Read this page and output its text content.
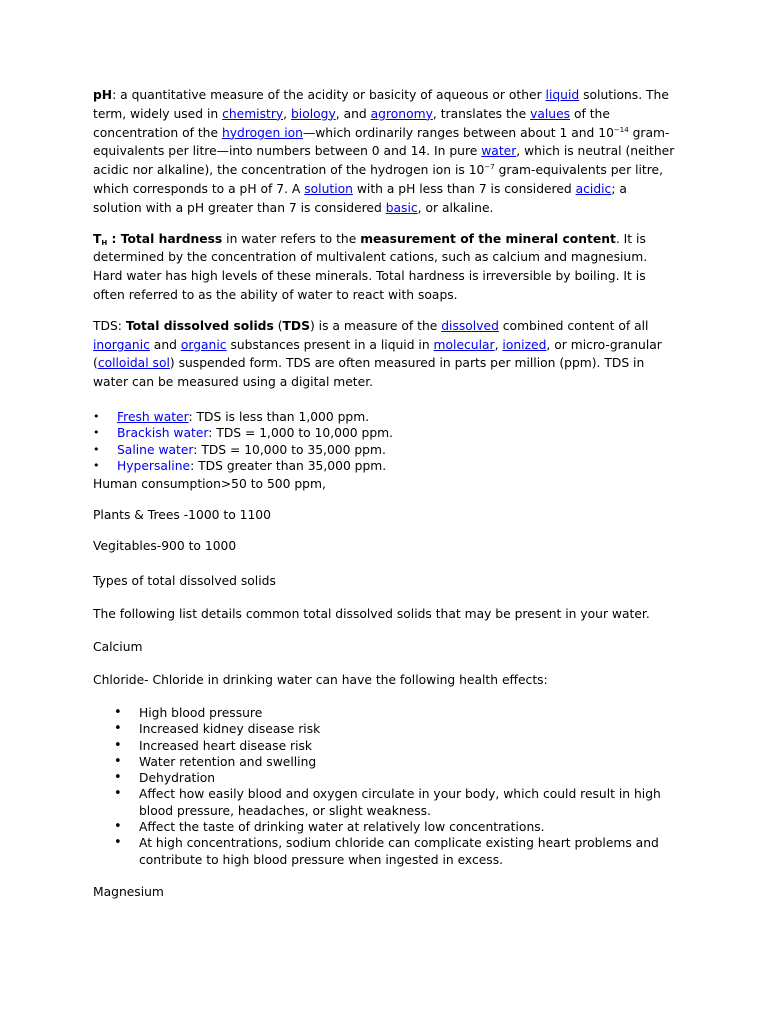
pH: a quantitative measure of the acidity or basicity of aqueous or other liquid solutions. The term, widely used in chemistry, biology, and agronomy, translates the values of the concentration of the hydrogen ion—which ordinarily ranges between about 1 and $10^{-14}$ gram-equivalents per litre—into numbers between 0 and 14. In pure water, which is neutral (neither acidic nor alkaline), the concentration of the hydrogen ion is $10^{-7}$ gram-equivalents per litre, which corresponds to a pH of 7. A solution with a pH less than 7 is considered acidic; a solution with a pH greater than 7 is considered basic, or alkaline.

$T_H$ : Total hardness in water refers to the measurement of the mineral content. It is determined by the concentration of multivalent cations, such as calcium and magnesium. Hard water has high levels of these minerals. Total hardness is irreversible by boiling. It is often referred to as the ability of water to react with soaps.

TDS: Total dissolved solids (TDS) is a measure of the dissolved combined content of all inorganic and organic substances present in a liquid in molecular, ionized, or micro-granular (colloidal sol) suspended form. TDS are often measured in parts per million (ppm). TDS in water can be measured using a digital meter.

• Fresh water: TDS is less than 1,000 ppm.
• Brackish water: TDS = 1,000 to 10,000 ppm.
• Saline water: TDS = 10,000 to 35,000 ppm.
• Hypersaline: TDS greater than 35,000 ppm.

Human consumption>50 to 500 ppm,

Plants & Trees -1000 to 1100

Vegitables-900 to 1000

Types of total dissolved solids

The following list details common total dissolved solids that may be present in your water.

Calcium

Chloride- Chloride in drinking water can have the following health effects:

• High blood pressure
• Increased kidney disease risk
• Increased heart disease risk
• Water retention and swelling
• Dehydration
• Affect how easily blood and oxygen circulate in your body, which could result in high blood pressure, headaches, or slight weakness.
• Affect the taste of drinking water at relatively low concentrations.
• At high concentrations, sodium chloride can complicate existing heart problems and contribute to high blood pressure when ingested in excess.

Magnesium
